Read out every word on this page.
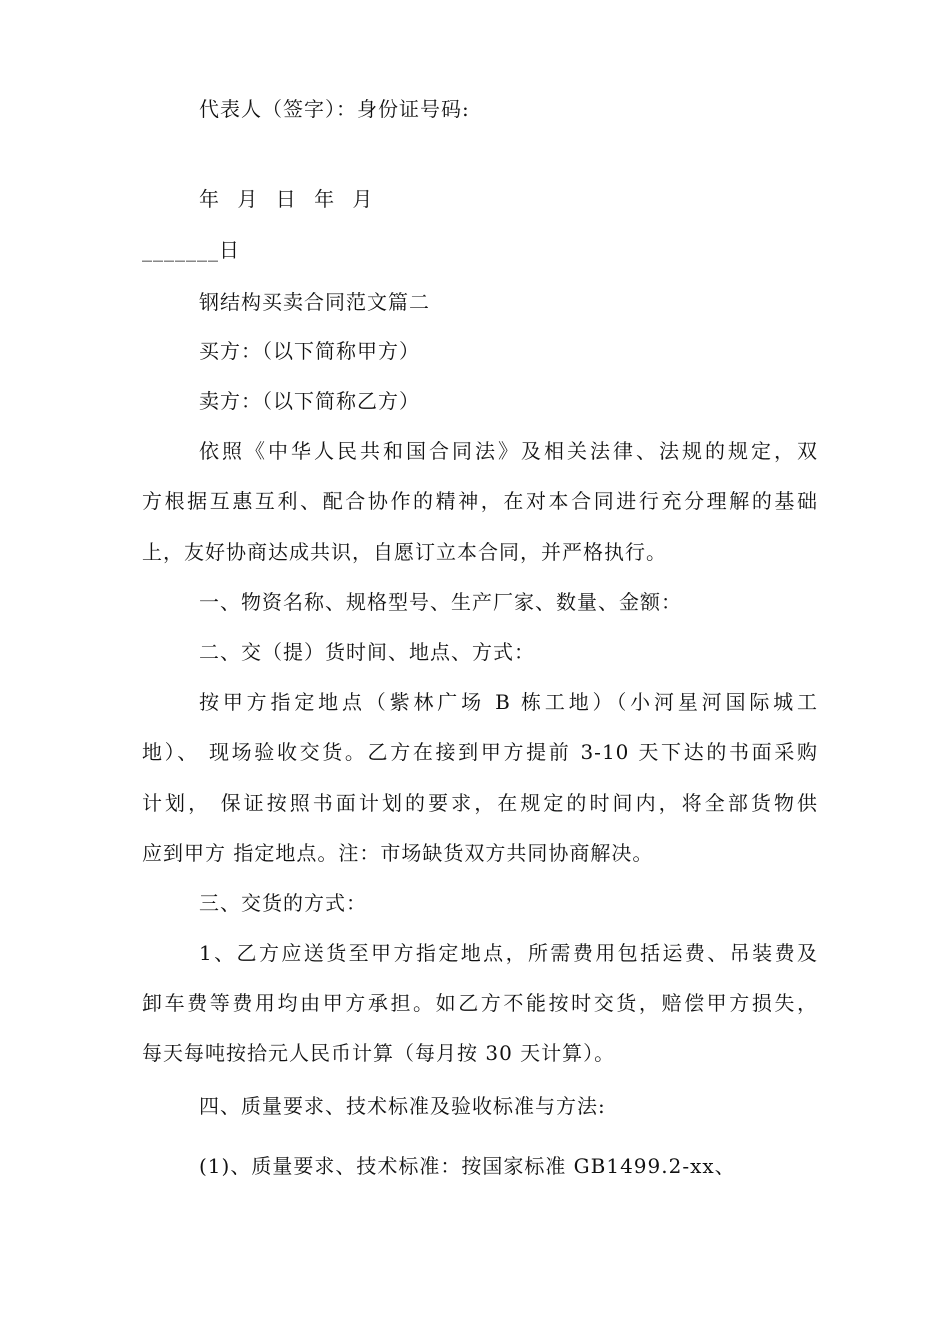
代表人（签字）：身份证号码:
年 月 日 年 月
_______日
钢结构买卖合同范文篇二
买方：（以下简称甲方）
卖方：（以下简称乙方）
依照《中华人民共和国合同法》及相关法律、法规的规定，双
方根据互惠互利、配合协作的精神，在对本合同进行充分理解的基础
上，友好协商达成共识，自愿订立本合同，并严格执行。
一、物资名称、规格型号、生产厂家、数量、金额：
二、交（提）货时间、地点、方式：
按甲方指定地点（紫林广场 B 栋工地）（小河星河国际城工
地）、 现场验收交货。乙方在接到甲方提前 3-10 天下达的书面采购
计划， 保证按照书面计划的要求，在规定的时间内，将全部货物供
应到甲方 指定地点。注：市场缺货双方共同协商解决。
三、交货的方式：
1、乙方应送货至甲方指定地点，所需费用包括运费、吊装费及
卸车费等费用均由甲方承担。如乙方不能按时交货，赔偿甲方损失，
每天每吨按拾元人民币计算（每月按 30 天计算）。
四、质量要求、技术标准及验收标准与方法:
(1)、质量要求、技术标准：按国家标准 GB1499.2-xx、
